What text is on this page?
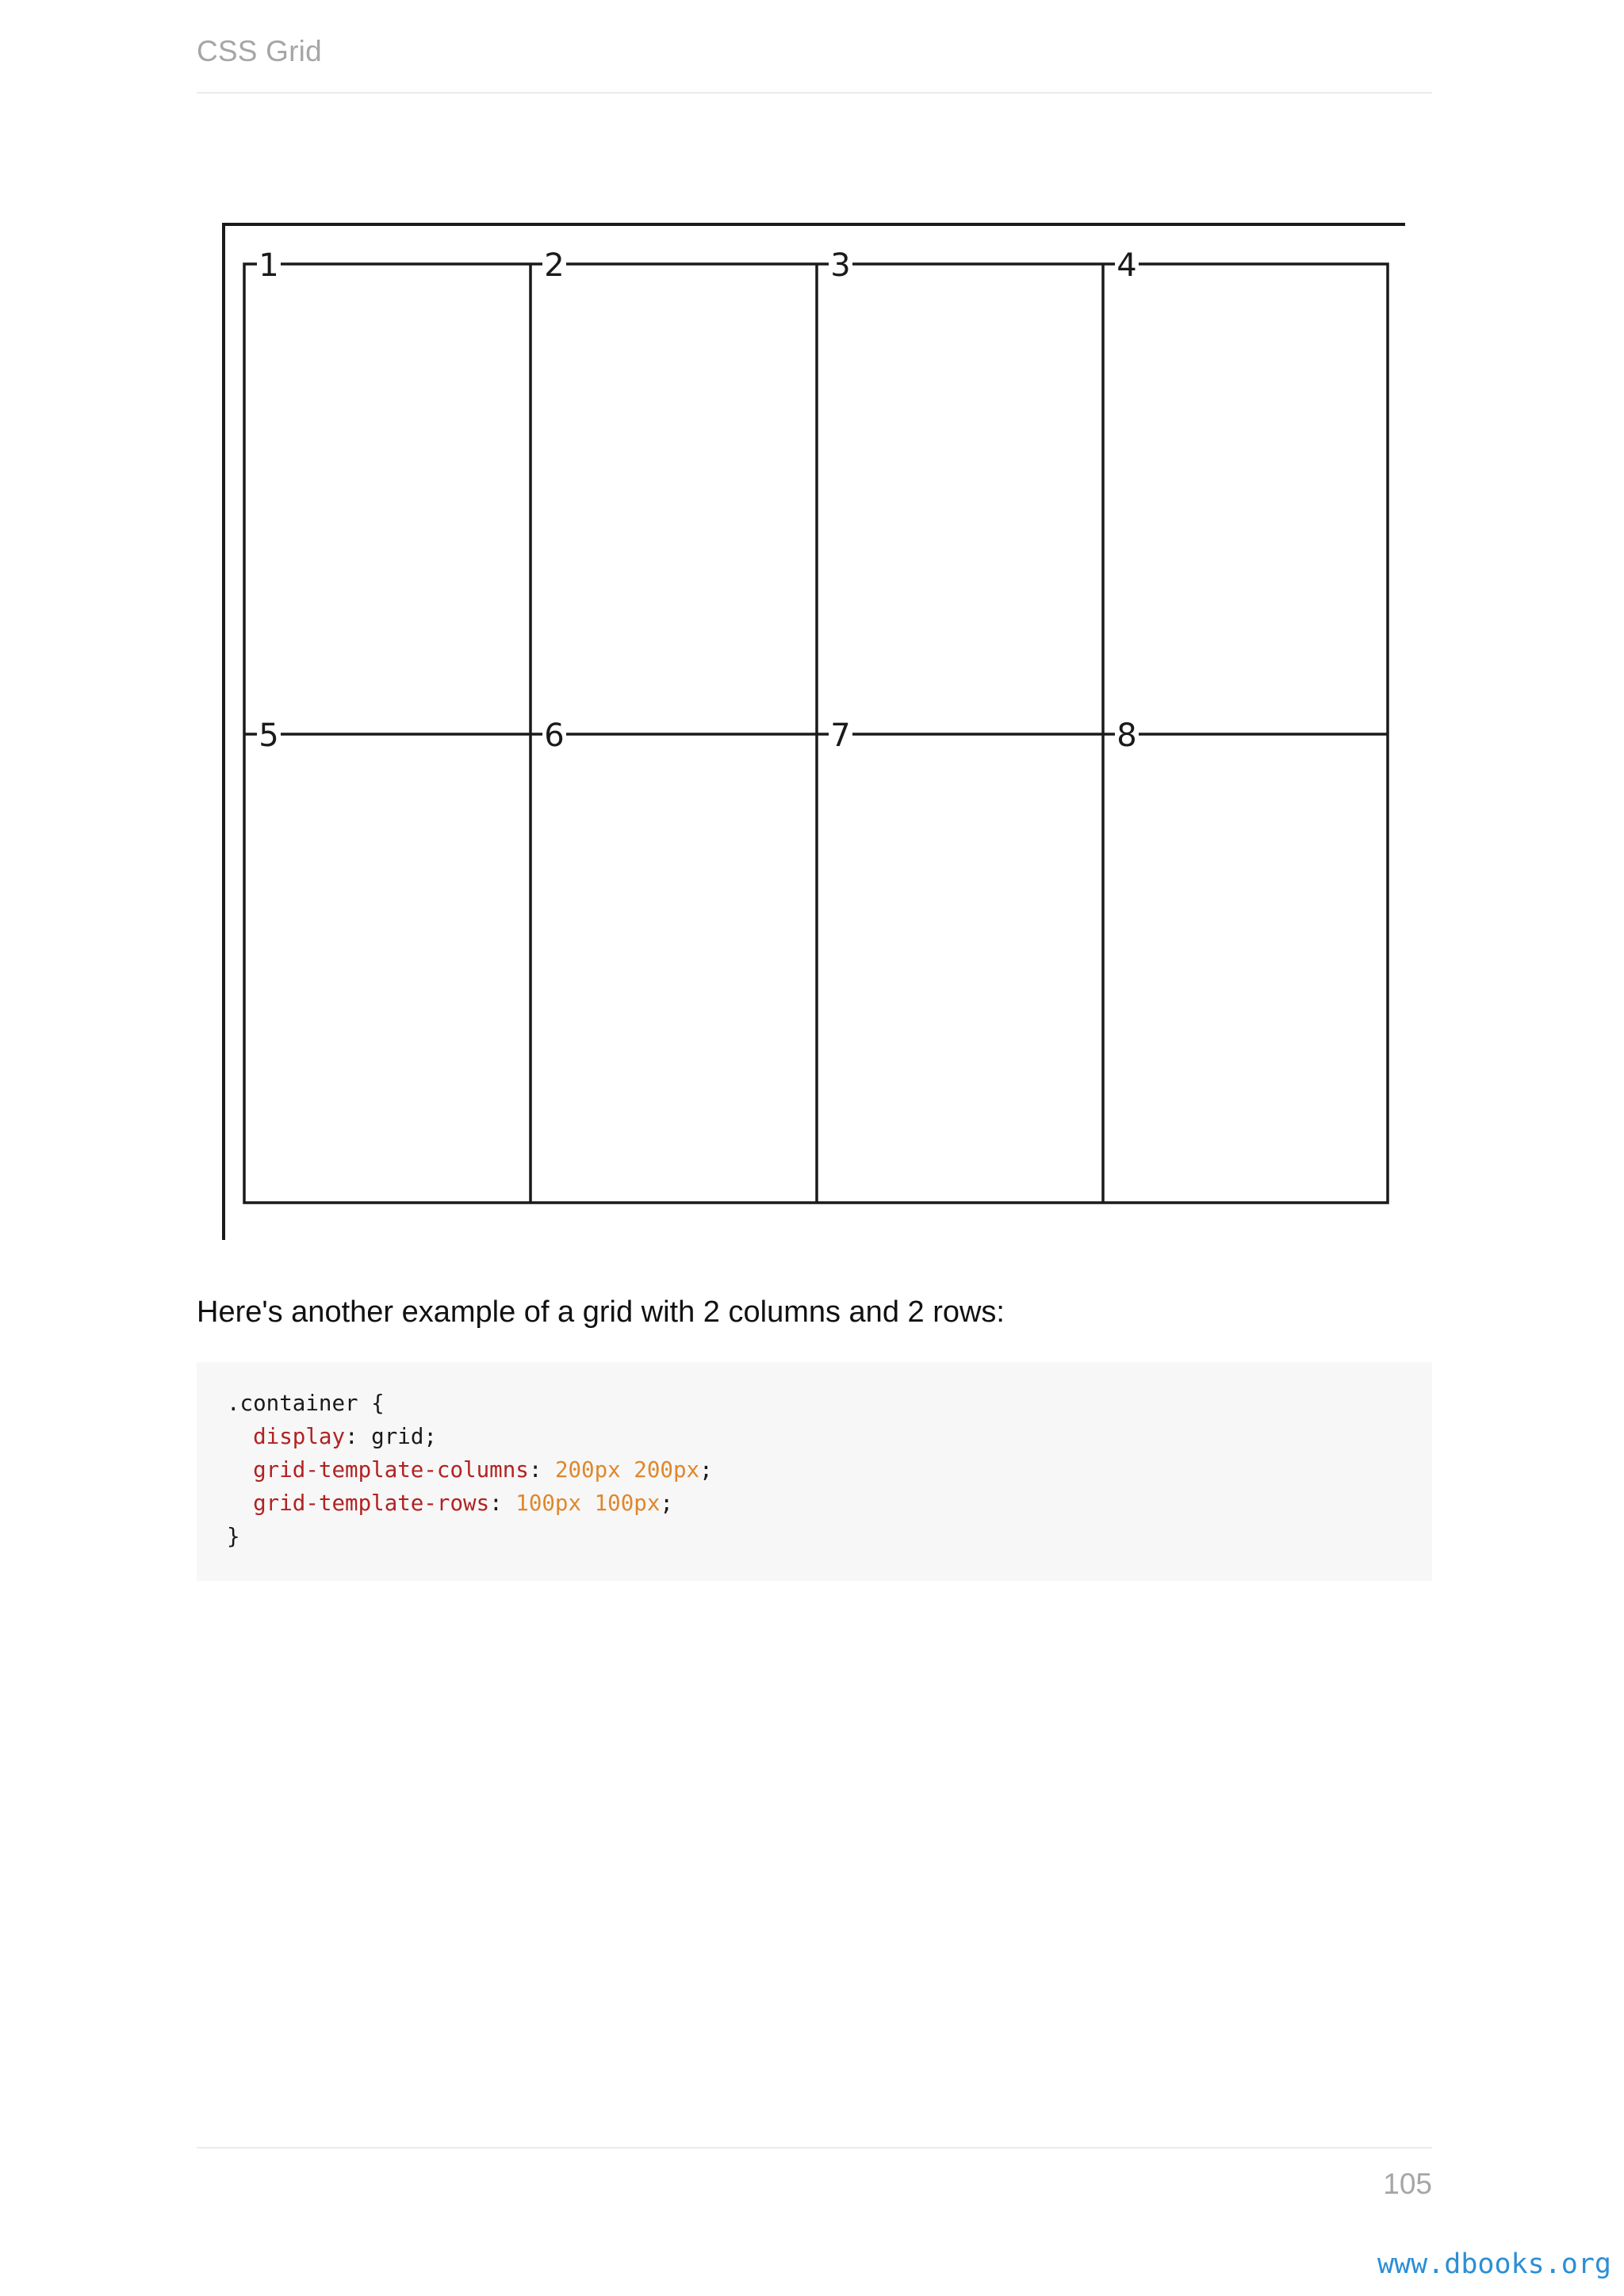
CSS Grid
1	2	3	4
5	6	7	8
Here's another example of a grid with 2 columns and 2 rows:
.container {
display: grid;
grid-template-columns: 200px 200px;
grid-template-rows: 100px 100px;
}
105
www.dbooks.org
